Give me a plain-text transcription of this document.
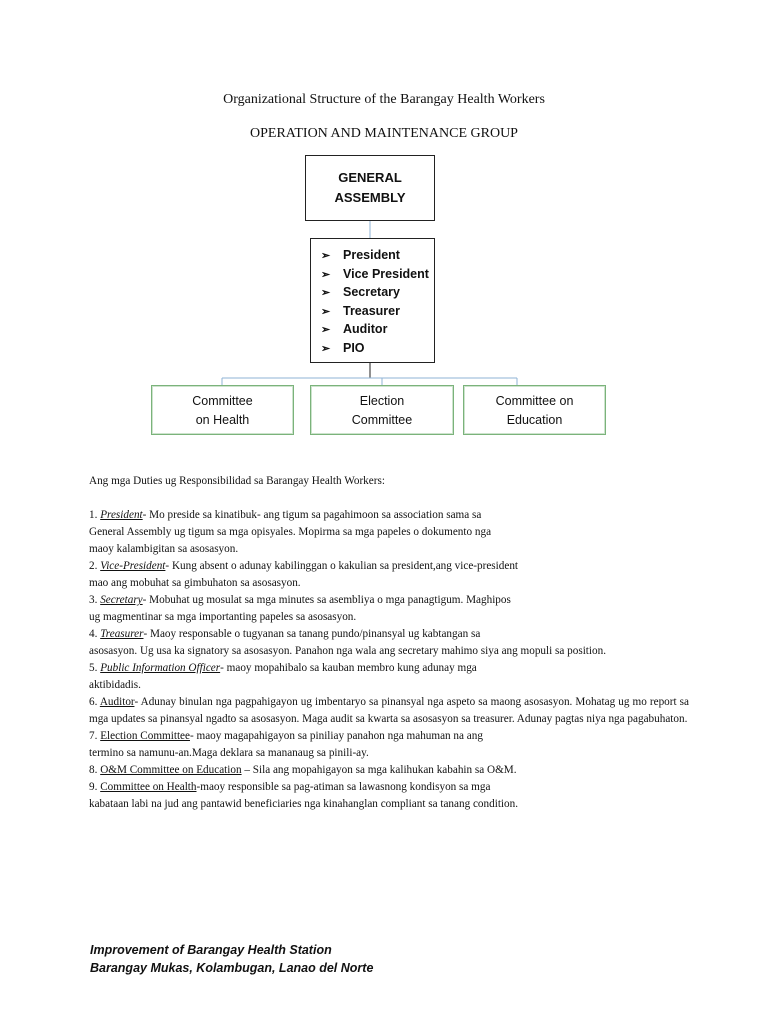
Organizational Structure of the Barangay Health Workers
OPERATION AND MAINTENANCE GROUP
GENERAL
ASSEMBLY
➢ President
➢ Vice President
➢ Secretary
➢ Treasurer
➢ Auditor
➢ PIO
Committee
on Health
Election
Committee
Committee on
Education

Ang mga Duties ug Responsibilidad sa Barangay Health Workers:

1. President- Mo preside sa kinatibuk- ang tigum sa pagahimoon sa association sama sa

General Assembly ug tigum sa mga opisyales. Mopirma sa mga papeles o dokumento nga

maoy kalambigitan sa asosasyon.

2. Vice-President- Kung absent o adunay kabilinggan o kakulian sa president,ang vice-president

mao ang mobuhat sa gimbuhaton sa asosasyon.

3. Secretary- Mobuhat ug mosulat sa mga minutes sa asembliya o mga panagtigum. Maghipos

ug magmentinar sa mga importanting papeles sa asosasyon.

4. Treasurer- Maoy responsable o tugyanan sa tanang pundo/pinansyal ug kabtangan sa

asosasyon. Ug usa ka signatory sa asosasyon. Panahon nga wala ang secretary mahimo siya ang mopuli sa position.

5. Public Information Officer- maoy mopahibalo sa kauban membro kung adunay mga

aktibidadis.

6. Auditor- Adunay binulan nga pagpahigayon ug imbentaryo sa pinansyal nga aspeto sa maong asosasyon. Mohatag ug mo report sa mga updates sa pinansyal ngadto sa asosasyon. Maga audit sa kwarta sa asosasyon sa treasurer. Adunay pagtas niya nga pagabuhaton.

7. Election Committee- maoy magapahigayon sa piniliay panahon nga mahuman na ang

termino sa namunu-an.Maga deklara sa mananaug sa pinili-ay.

8. O&M Committee on Education – Sila ang mopahigayon sa mga kalihukan kabahin sa O&M.

9. Committee on Health-maoy responsible sa pag-atiman sa lawasnong kondisyon sa mga

kabataan labi na jud ang pantawid beneficiaries nga kinahanglan compliant sa tanang condition.

Improvement of Barangay Health Station
Barangay Mukas, Kolambugan, Lanao del Norte
